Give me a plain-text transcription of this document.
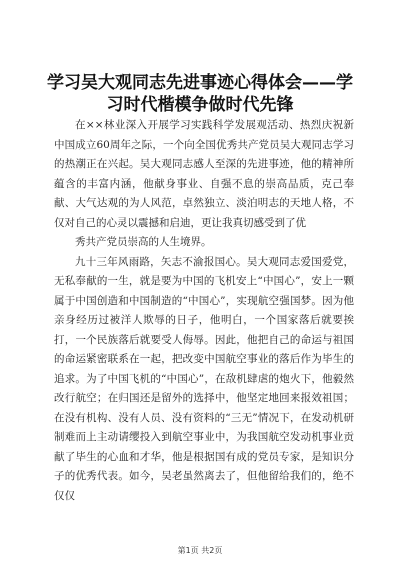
学习吴大观同志先进事迹心得体会——学习时代楷模争做时代先锋

在××林业深入开展学习实践科学发展观活动、热烈庆祝新中国成立60周年之际，一个向全国优秀共产党员吴大观同志学习的热潮正在兴起。吴大观同志感人至深的先进事迹，他的精神所蕴含的丰富内涵，他献身事业、自强不息的崇高品质，克己奉献、大气达观的为人风范，卓然独立、淡泊明志的天地人格，不仅对自己的心灵以震撼和启迪，更让我真切感受到了优

秀共产党员崇高的人生境界。

九十三年风雨路，矢志不渝报国心。吴大观同志爱国爱党，无私奉献的一生，就是要为中国的飞机安上“中国心”，安上一颗属于中国创造和中国制造的“中国心”，实现航空强国梦。因为他亲身经历过被洋人欺辱的日子，他明白，一个国家落后就要挨打，一个民族落后就要受人侮辱。因此，他把自己的命运与祖国的命运紧密联系在一起，把改变中国航空事业的落后作为毕生的追求。为了中国飞机的“中国心”，在敌机肆虐的炮火下，他毅然改行航空；在归国还是留外的选择中，他坚定地回来报效祖国；在没有机构、没有人员、没有资料的“三无”情况下，在发动机研制难而上主动请缨投入到航空事业中，为我国航空发动机事业贡献了毕生的心血和才华，他是根据国有成的党员专家，是知识分子的优秀代表。如今，吴老虽然离去了，但他留给我们的，绝不仅仅

第1页 共2页
